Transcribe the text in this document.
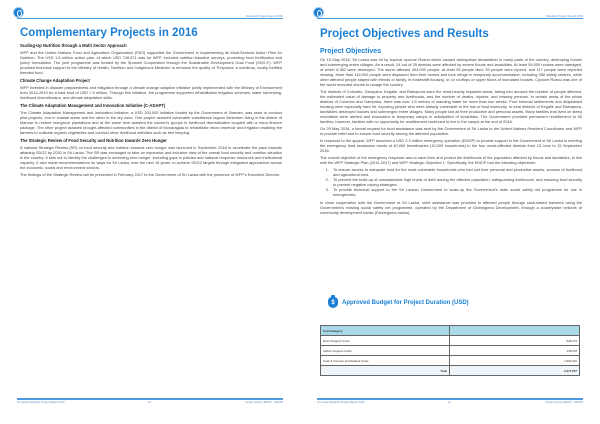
Standard Project Report 2016
Complementary Projects in 2016
Scaling-Up Nutrition through a Multi Sector Approach

WFP and the United Nations Food and Agriculture Organization (FAO) supported the Government in implementing its Multi-Sectoral Action Plan for Nutrition. The USD 1.5 million action plan, of which USD 749,871 was for WFP, included nutrition baseline surveys, promoting food fortification and policy formulation. The joint programme was funded by the Spanish Cooperation through the Sustainable Development Goal Fund (SDG-F). WFP provided technical support to the Ministry of Health, Nutrition and Indigenous Medicine to enhance the quality of Thriposha, a nutritious, locally fortified blended food.

Climate Change Adaptation Project

WFP invested in disaster preparedness and mitigation through a climate change adaption initiative jointly implemented with the Ministry of Environment from 2014-2019 for a total fund of USD 7.9 million. Through this initiative, the programme supported rehabilitation irrigation schemes, water harvesting, livelihood diversification, and climate adaptation skills.

The Climate Adaptation Management and Innovation Initiative (C-ADAPT)

The Climate Adaptation Management and Innovation Initiative, a USD 200,000 initiative funded by the Government of Sweden, was used to conduct pilot projects, one in coastal areas and the other in the dry zone. One project assisted vulnerable subsistence lagoon fishermen living in the district of Mannar to restore mangrove plantations and at the same time assisted the women's groups in livelihood diversification coupled with a micro-finance package. The other project assisted drought-affected communities in the district of Monaragala to rehabilitate micro reservoir and irrigation enabling the farmers to cultivate organic vegetables and conduct other livelihood activities such as bee keeping.

The Strategic Review of Food Security and Nutrition towards Zero Hunger

A national Strategic Review (SR) on food security and nutrition towards zero hunger was launched in September 2016 to accelerate the pace towards attaining SDG2 by 2030 in Sri Lanka. The SR was envisaged to take an expansive and inclusive view of the overall food security and nutrition situation in the country. It sets out to identify the challenges to achieving zero hunger, including gaps in policies and national response resources and institutional capacity. It also made recommendations on ways for Sri Lanka, over the next 15 years, to achieve SDG2 targets through integrated approaches across the economic, social and environment sectors.

The findings of the Strategic Review will be presented in February 2017 to the Government of Sri Lanka with the presence of WFP's Executive Director.

Sri Lanka Standard Project Report 2016	10	Single Country EMOP - 201000
Standard Project Report 2016
Project Objectives and Results
Project Objectives

On 15 May 2016, Sri Lanka was hit by tropical cyclone Roanu which caused widespread devastation in many parts of the country, destroying homes and submerging entire villages. As a result, 24 out of 25 districts were affected by severe floods and landslides. At least 59,000 houses were damaged, of which 6,382 were destroyed. The storm affected 494,000 people: at least 93 people died; 39 people were injured; and 117 people were reported missing. More than 115,000 people were displaced from their homes and took refuge in temporary accommodation, including 350 safety centres, while other affected people stayed with friends or family, in makeshift housing, or on rooftops or upper floors of inundated houses. Cyclone Roanu was one of the worst recorded storms to ravage the country.

The districts of Colombo, Gampaha, Kegalle, and Ratnapura were the most-heavily impacted areas, taking into account the number of people affected, the estimated value of damage to property and livelihoods, and the number of deaths, injuries, and missing persons. In certain areas of the urban districts of Colombo and Gampaha, there was over 1.5 metres of standing water for more than two weeks. Poor informal settlements and dilapidated housing were especially hard hit, exposing people who were already vulnerable to the risk of food insecurity. In rural districts of Kegalle and Ratnapura, landslides destroyed houses and submerged entire villages. Many people lost all their productive and personal assets. Many families that lived on steep mountains were alerted and evacuated to temporary camps in anticipation of landslides. The Government provided permanent resettlement to 50 families; however, families with no opportunity for resettlement continued to live in the camps at the end of 2016.

On 29 May 2016, a formal request for food assistance was sent by the Government of Sri Lanka to the United Nations Resident Coordinator and WFP to provide relief and to ensure food security among the affected population.

In response to the appeal, WFP launched a USD 2.3 million emergency operation (EMOP) to provide support to the Government of Sri Lanka in meeting the emergency food assistance needs of 40,000 beneficiaries (10,000 households) in the four worst-affected districts from 15 June to 15 September 2016.

The overall objective of the emergency response was to save lives and protect the livelihoods of the population affected by floods and landslides, in line with the WFP Strategic Plan (2014-2017) and WFP Strategic Objective 1. Specifically, the EMOP had the following objectives:

1. To ensure access to adequate food for the most vulnerable households who had lost their personal and productive assets, sources of livelihood and agricultural land.
2. To prevent the build-up of unsustainable high levels of debt among the affected population, safeguarding livelihoods, and ensuring food security to prevent negative coping strategies.
3. To provide technical support to the Sri Lankan Government to scale-up the Government's main social safety net programme for use in emergencies.

In close cooperation with the Government of Sri Lanka, relief assistance was provided to affected people through cash-based transfers using the Government's existing social safety net programme, operated by the Department of Divineguma Development, through a countrywide network of community development banks (Divineguma banks).

Sri Lanka Standard Project Report 2016	11	Single Country EMOP - 201000
$	Approved Budget for Project Duration (USD)
Cost Category	
Direct Support Costs	528,279
Indirect Support Costs	148,678
Cash & Voucher and Related Costs	1,600,310
Total	2,277,267
